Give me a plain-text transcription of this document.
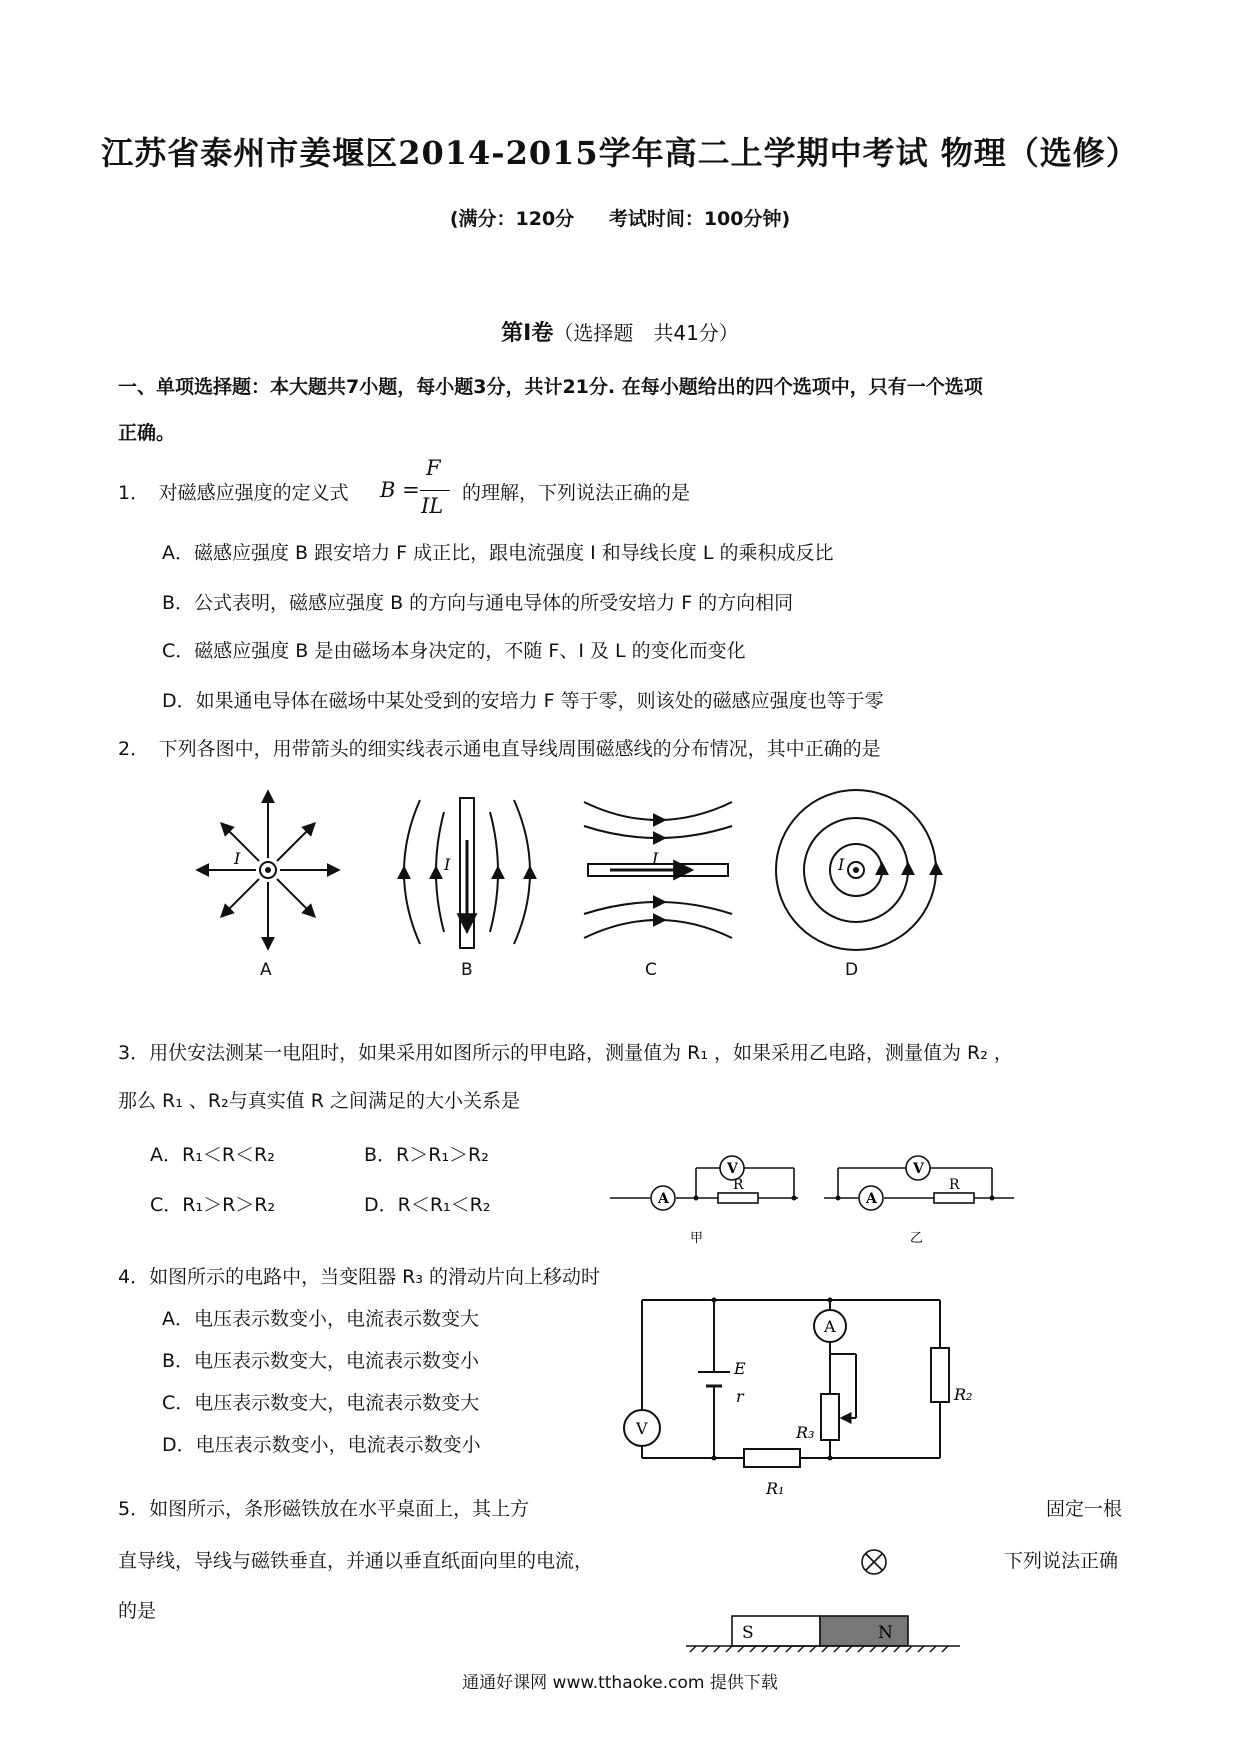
江苏省泰州市姜堰区2014-2015学年高二上学期中考试 物理（选修）
(满分：120分 考试时间：100分钟)
第Ⅰ卷（选择题　共41分）
一、单项选择题：本大题共7小题，每小题3分，共计21分. 在每小题给出的四个选项中，只有一个选项
正确。
1．　对磁感应强度的定义式 B =
F
IL
的理解，下列说法正确的是
A．磁感应强度 B 跟安培力 F 成正比，跟电流强度 I 和导线长度 L 的乘积成反比
B．公式表明，磁感应强度 B 的方向与通电导体的所受安培力 F 的方向相同
C．磁感应强度 B 是由磁场本身决定的，不随 F、I 及 L 的变化而变化
D．如果通电导体在磁场中某处受到的安培力 F 等于零，则该处的磁感应强度也等于零
2．　下列各图中，用带箭头的细实线表示通电直导线周围磁感线的分布情况，其中正确的是
I	I	I	I
A	B	C	D
3．用伏安法测某一电阻时，如果采用如图所示的甲电路，测量值为 R₁ ，如果采用乙电路，测量值为 R₂ ，
那么 R₁ 、R₂与真实值 R 之间满足的大小关系是
A．R₁＜R＜R₂	B．R＞R₁＞R₂
C．R₁＞R＞R₂	D．R＜R₁＜R₂	A
V
R
甲
A
V
R
乙
4．如图所示的电路中，当变阻器 R₃ 的滑动片向上移动时
A．电压表示数变小，电流表示数变大
B．电压表示数变大，电流表示数变小
C．电压表示数变大，电流表示数变大
D．电压表示数变小，电流表示数变小
V
A
E
r
R₃
R₂
R₁
5．如图所示，条形磁铁放在水平桌面上，其上方	固定一根
直导线，导线与磁铁垂直，并通以垂直纸面向里的电流，	下列说法正确
的是
S	N
通通好课网 www.tthaoke.com 提供下载
